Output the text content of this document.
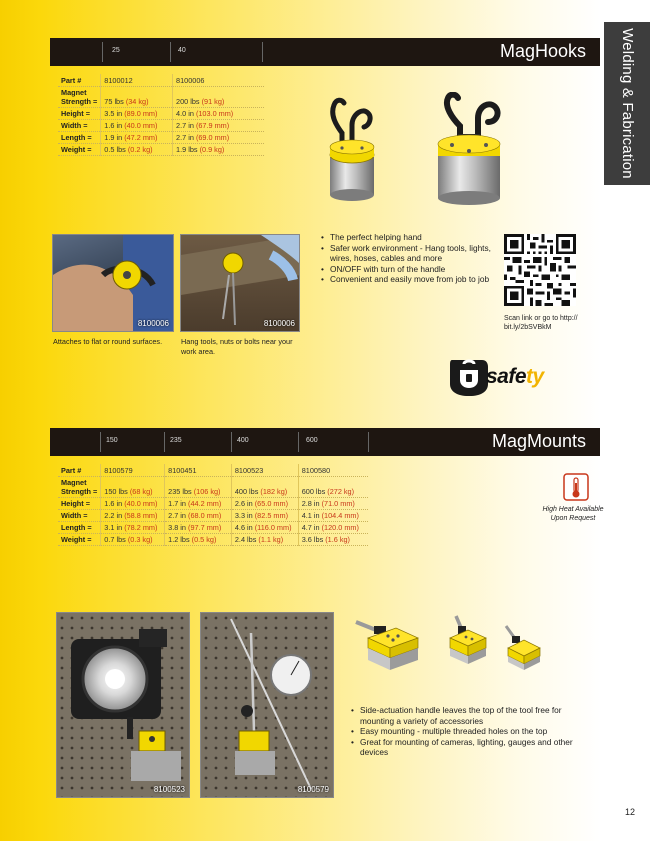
Welding & Fabrication
25	40	MagHooks
Part #	8100012	8100006
Magnet
Strength =	75 lbs (34 kg)	200 lbs (91 kg)
Height =	3.5 in (89.0 mm)	4.0 in (103.0 mm)
Width =	1.6 in (40.0 mm)	2.7 in (67.9 mm)
Length =	1.9 in (47.2 mm)	2.7 in (69.0 mm)
Weight =	0.5 lbs (0.2 kg)	1.9 lbs (0.9 kg)
8100006
Attaches to flat or round surfaces.
8100006
Hang tools, nuts or bolts near your work area.
• The perfect helping hand
• Safer work environment - Hang tools, lights, wires, hoses, cables and more
• ON/OFF with turn of the handle
• Convenient and easily move from job to job
Scan link or go to http:// bit.ly/2bSVBkM
safety
150	235	400	600	MagMounts
Part #	8100579	8100451	8100523	8100580
Magnet
Strength =	150 lbs (68 kg)	235 lbs (106 kg)	400 lbs (182 kg)	600 lbs (272 kg)
Height =	1.6 in (40.0 mm)	1.7 in (44.2 mm)	2.6 in (65.0 mm)	2.8 in (71.0 mm)
Width =	2.2 in (58.8 mm)	2.7 in (68.0 mm)	3.3 in (82.5 mm)	4.1 in (104.4 mm)
Length =	3.1 in (78.2 mm)	3.8 in (97.7 mm)	4.6 in (116.0 mm)	4.7 in (120.0 mm)
Weight =	0.7 lbs (0.3 kg)	1.2 lbs (0.5 kg)	2.4 lbs (1.1 kg)	3.6 lbs (1.6 kg)
High Heat Available Upon Request
8100523	8100579
• Side-actuation handle leaves the top of the tool free for mounting a variety of accessories
• Easy mounting - multiple threaded holes on the top
• Great for mounting of cameras, lighting, gauges and other devices
12
